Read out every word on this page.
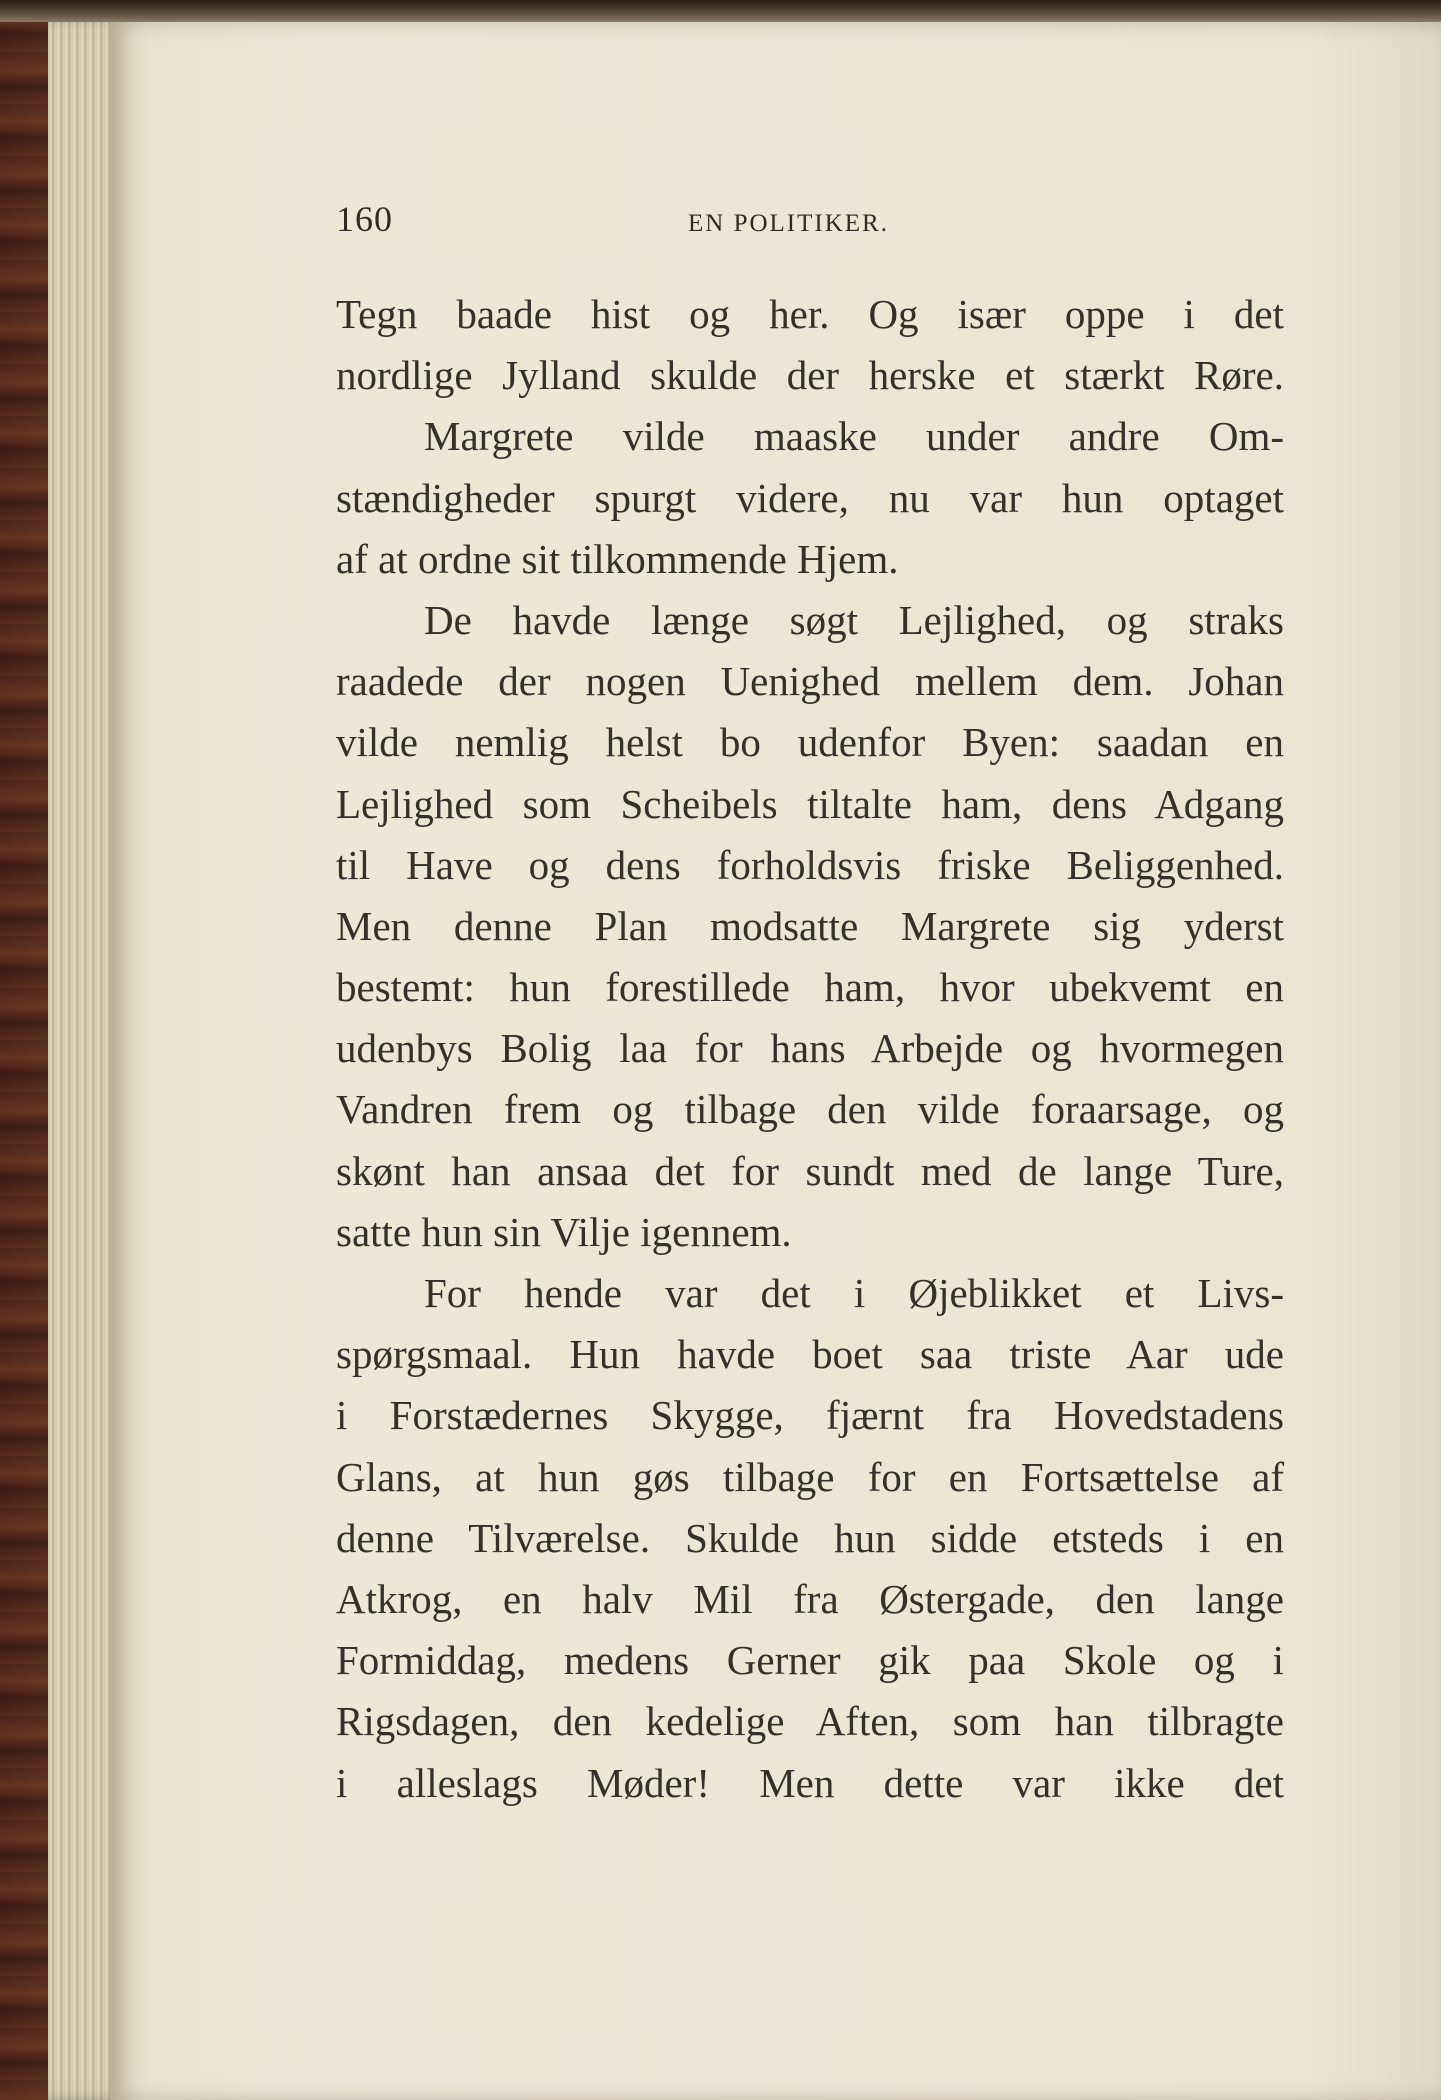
160	EN POLITIKER.
Tegn baade hist og her. Og især oppe i det
nordlige Jylland skulde der herske et stærkt Røre.
Margrete vilde maaske under andre Om-
stændigheder spurgt videre, nu var hun optaget
af at ordne sit tilkommende Hjem.
De havde længe søgt Lejlighed, og straks
raadede der nogen Uenighed mellem dem. Johan
vilde nemlig helst bo udenfor Byen: saadan en
Lejlighed som Scheibels tiltalte ham, dens Adgang
til Have og dens forholdsvis friske Beliggenhed.
Men denne Plan modsatte Margrete sig yderst
bestemt: hun forestillede ham, hvor ubekvemt en
udenbys Bolig laa for hans Arbejde og hvormegen
Vandren frem og tilbage den vilde foraarsage, og
skønt han ansaa det for sundt med de lange Ture,
satte hun sin Vilje igennem.
For hende var det i Øjeblikket et Livs-
spørgsmaal. Hun havde boet saa triste Aar ude
i Forstædernes Skygge, fjærnt fra Hovedstadens
Glans, at hun gøs tilbage for en Fortsættelse af
denne Tilværelse. Skulde hun sidde etsteds i en
Atkrog, en halv Mil fra Østergade, den lange
Formiddag, medens Gerner gik paa Skole og i
Rigsdagen, den kedelige Aften, som han tilbragte
i alleslags Møder! Men dette var ikke det
